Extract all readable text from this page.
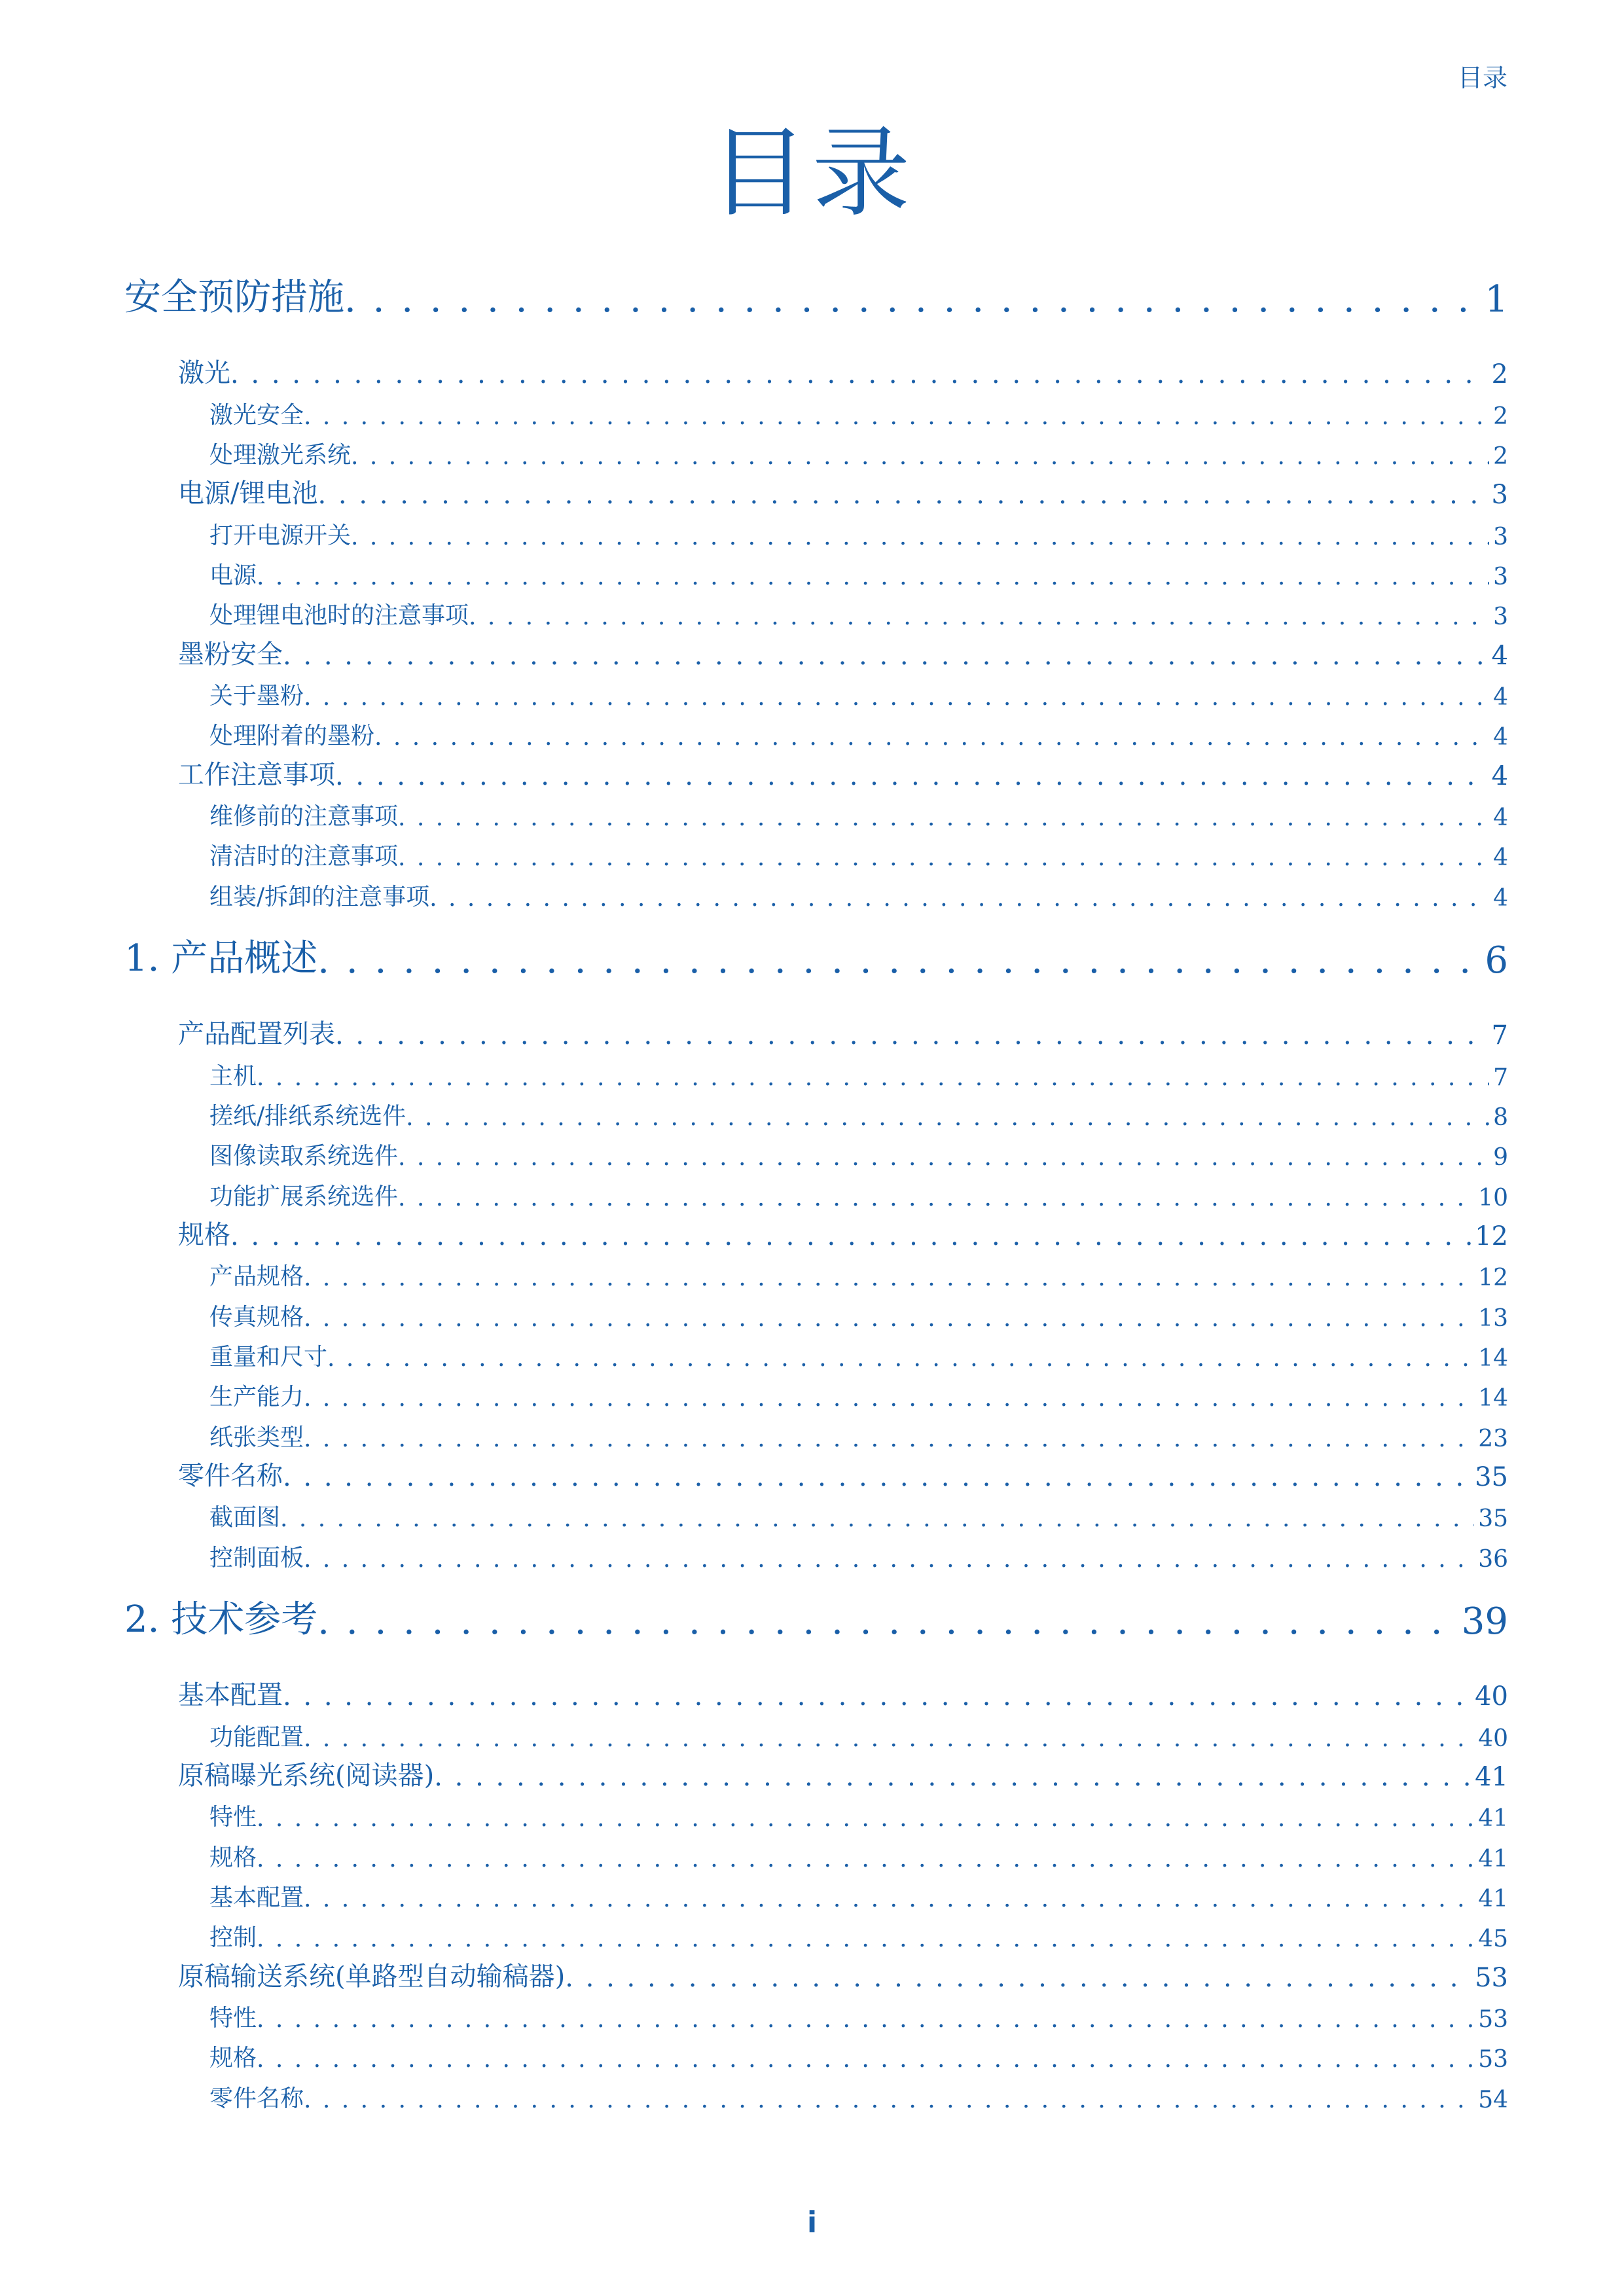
目录
目录
安全预防措施 . . .	1
激光 . . .	2
激光安全 . . .	2
处理激光系统 . . .	2
电源/锂电池 . . .	3
打开电源开关 . . .	3
电源 . . .	3
处理锂电池时的注意事项 . . .	3
墨粉安全 . . .	4
关于墨粉 . . .	4
处理附着的墨粉 . . .	4
工作注意事项 . . .	4
维修前的注意事项 . . .	4
清洁时的注意事项 . . .	4
组装/拆卸的注意事项 . . .	4
1. 产品概述 . . .	6
产品配置列表 . . .	7
主机 . . .	7
搓纸/排纸系统选件 . . .	8
图像读取系统选件 . . .	9
功能扩展系统选件 . . .	10
规格 . . .	12
产品规格 . . .	12
传真规格 . . .	13
重量和尺寸 . . .	14
生产能力 . . .	14
纸张类型 . . .	23
零件名称 . . .	35
截面图 . . .	35
控制面板 . . .	36
2. 技术参考 . . .	39
基本配置 . . .	40
功能配置 . . .	40
原稿曝光系统(阅读器) . . .	41
特性 . . .	41
规格 . . .	41
基本配置 . . .	41
控制 . . .	45
原稿输送系统(单路型自动输稿器) . . .	53
特性 . . .	53
规格 . . .	53
零件名称 . . .	54
i
